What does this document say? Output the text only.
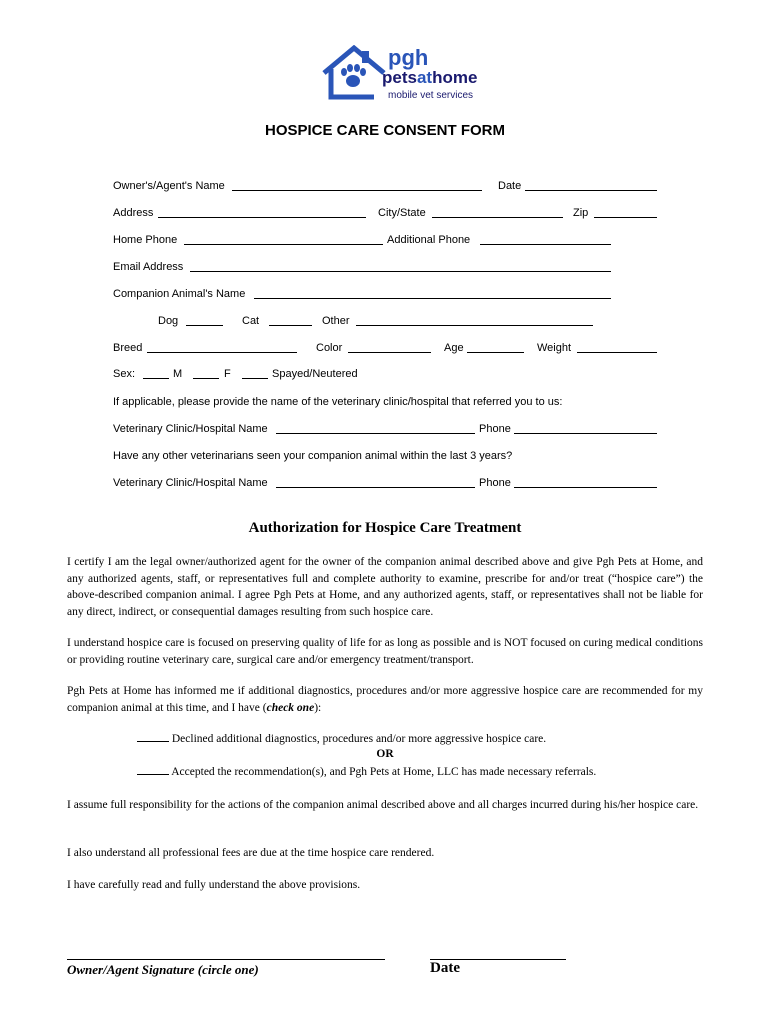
pgh
petsathome
mobile vet services
HOSPICE CARE CONSENT FORM
Owner's/Agent's Name	Date
Address	City/State	Zip
Home Phone	Additional Phone
Email Address
Companion Animal's Name
Dog	Cat	Other
Breed	Color	Age	Weight
Sex:	M	F	Spayed/Neutered
If applicable, please provide the name of the veterinary clinic/hospital that referred you to us:
Veterinary Clinic/Hospital Name	Phone
Have any other veterinarians seen your companion animal within the last 3 years?
Veterinary Clinic/Hospital Name	Phone
Authorization for Hospice Care Treatment
I certify I am the legal owner/authorized agent for the owner of the companion animal described above and give Pgh Pets at Home, and any authorized agents, staff, or representatives full and complete authority to examine, prescribe for and/or treat (“hospice care”) the above-described companion animal. I agree Pgh Pets at Home, and any authorized agents, staff, or representatives shall not be liable for any direct, indirect, or consequential damages resulting from such hospice care.
I understand hospice care is focused on preserving quality of life for as long as possible and is NOT focused on curing medical conditions or providing routine veterinary care, surgical care and/or emergency treatment/transport.
Pgh Pets at Home has informed me if additional diagnostics, procedures and/or more aggressive hospice care are recommended for my companion animal at this time, and I have (check one):
Declined additional diagnostics, procedures and/or more aggressive hospice care.
OR
Accepted the recommendation(s), and Pgh Pets at Home, LLC has made necessary referrals.
I assume full responsibility for the actions of the companion animal described above and all charges incurred during his/her hospice care.
I also understand all professional fees are due at the time hospice care rendered.
I have carefully read and fully understand the above provisions.
Owner/Agent Signature (circle one)	Date
